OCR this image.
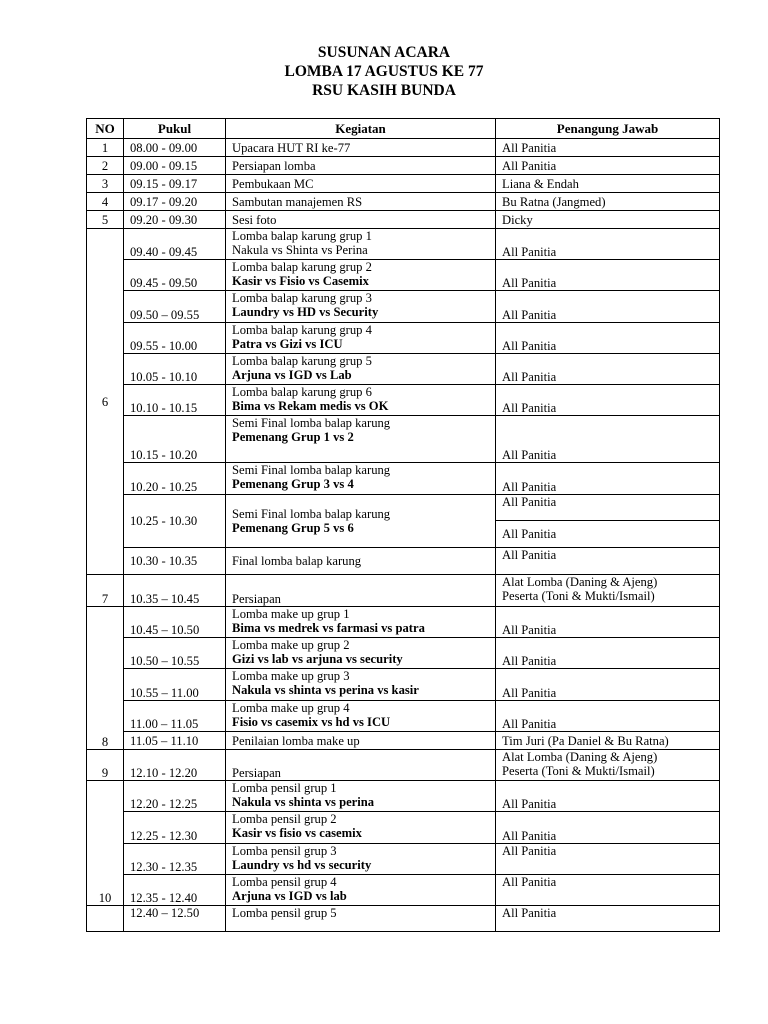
SUSUNAN ACARA
LOMBA 17 AGUSTUS KE 77
RSU KASIH BUNDA
NO	Pukul	Kegiatan	Penangung Jawab
1	08.00 - 09.00	Upacara HUT RI ke-77	All Panitia
2	09.00 - 09.15	Persiapan lomba	All Panitia
3	09.15 - 09.17	Pembukaan MC	Liana & Endah
4	09.17 - 09.20	Sambutan manajemen RS	Bu Ratna (Jangmed)
5	09.20 - 09.30	Sesi foto	Dicky
6	09.40 - 09.45	Lomba balap karung grup 1
Nakula vs Shinta vs Perina	All Panitia
	09.45 - 09.50	Lomba balap karung grup 2
Kasir vs Fisio vs Casemix	All Panitia
	09.50 – 09.55	Lomba balap karung grup 3
Laundry vs HD vs Security	All Panitia
	09.55 - 10.00	Lomba balap karung grup 4
Patra vs Gizi vs ICU	All Panitia
	10.05 - 10.10	Lomba balap karung grup 5
Arjuna vs IGD vs Lab	All Panitia
	10.10 - 10.15	Lomba balap karung grup 6
Bima vs Rekam medis vs OK	All Panitia
	10.15 - 10.20	Semi Final lomba balap karung
Pemenang Grup 1 vs 2	All Panitia
	10.20 - 10.25	Semi Final lomba balap karung
Pemenang Grup 3 vs 4	All Panitia
	10.25 - 10.30	Semi Final lomba balap karung
Pemenang Grup 5 vs 6	All Panitia
			All Panitia
	10.30 - 10.35	Final lomba balap karung	All Panitia
7	10.35 – 10.45	Persiapan	Alat Lomba (Daning & Ajeng)
Peserta (Toni & Mukti/Ismail)

8	10.45 – 10.50	Lomba make up grup 1
Bima vs medrek vs farmasi vs patra	All Panitia
	10.50 – 10.55	Lomba make up grup 2
Gizi vs lab vs arjuna vs security	All Panitia
	10.55 – 11.00	Lomba make up grup 3
Nakula vs shinta vs perina vs kasir	All Panitia
	11.00 – 11.05	Lomba make up grup 4
Fisio vs casemix vs hd vs ICU	All Panitia
	11.05 – 11.10	Penilaian lomba make up	Tim Juri (Pa Daniel & Bu Ratna)
9	12.10 - 12.20	Persiapan	Alat Lomba (Daning & Ajeng)
Peserta (Toni & Mukti/Ismail)

10	12.20 - 12.25	Lomba pensil grup 1
Nakula vs shinta vs perina	All Panitia
	12.25 - 12.30	Lomba pensil grup 2
Kasir vs fisio vs casemix	All Panitia
	12.30 - 12.35	Lomba pensil grup 3
Laundry vs hd vs security	All Panitia
	12.35 - 12.40	Lomba pensil grup 4
Arjuna vs IGD vs lab	All Panitia
	12.40 – 12.50	Lomba pensil grup 5	All Panitia
